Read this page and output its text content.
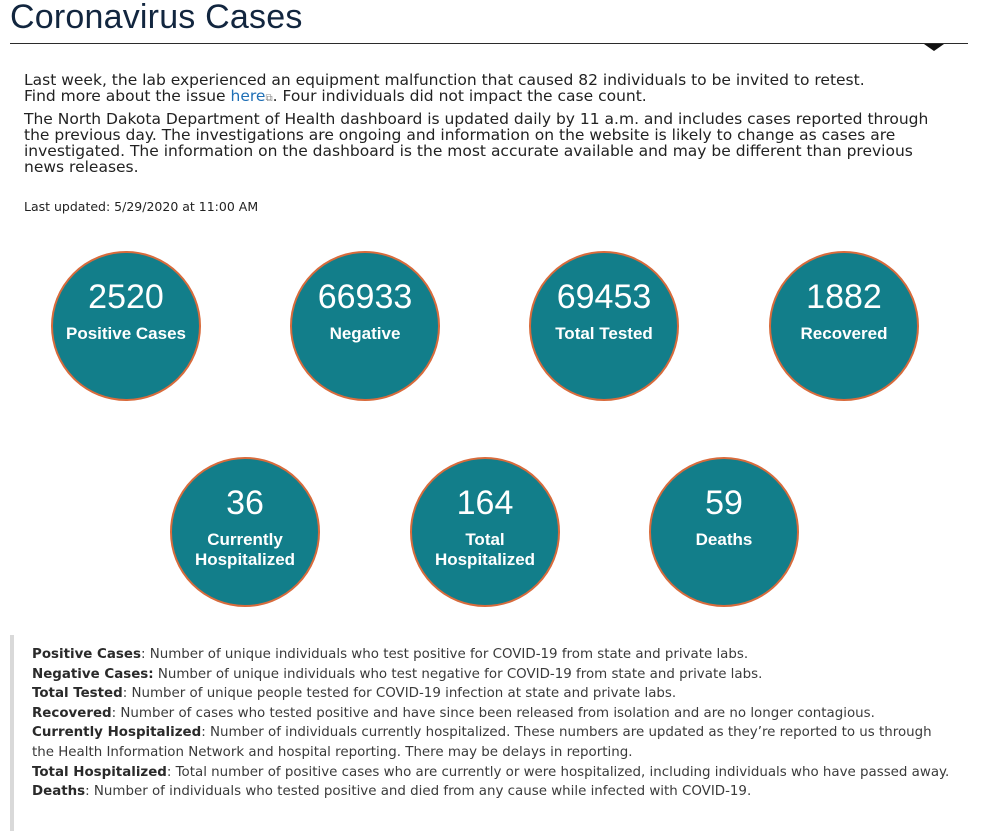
Coronavirus Cases

Last week, the lab experienced an equipment malfunction that caused 82 individuals to be invited to retest.
Find more about the issue here⧉. Four individuals did not impact the case count.

The North Dakota Department of Health dashboard is updated daily by 11 a.m. and includes cases reported through the previous day. The investigations are ongoing and information on the website is likely to change as cases are investigated. The information on the dashboard is the most accurate available and may be different than previous news releases.

Last updated: 5/29/2020 at 11:00 AM
2520
Positive Cases
66933
Negative
69453
Total Tested
1882
Recovered
36
Currently
Hospitalized
164
Total
Hospitalized
59
Deaths

Positive Cases: Number of unique individuals who test positive for COVID-19 from state and private labs.

Negative Cases: Number of unique individuals who test negative for COVID-19 from state and private labs.

Total Tested: Number of unique people tested for COVID-19 infection at state and private labs.

Recovered: Number of cases who tested positive and have since been released from isolation and are no longer contagious.

Currently Hospitalized: Number of individuals currently hospitalized. These numbers are updated as they’re reported to us through the Health Information Network and hospital reporting. There may be delays in reporting.

Total Hospitalized: Total number of positive cases who are currently or were hospitalized, including individuals who have passed away.

Deaths: Number of individuals who tested positive and died from any cause while infected with COVID-19.
